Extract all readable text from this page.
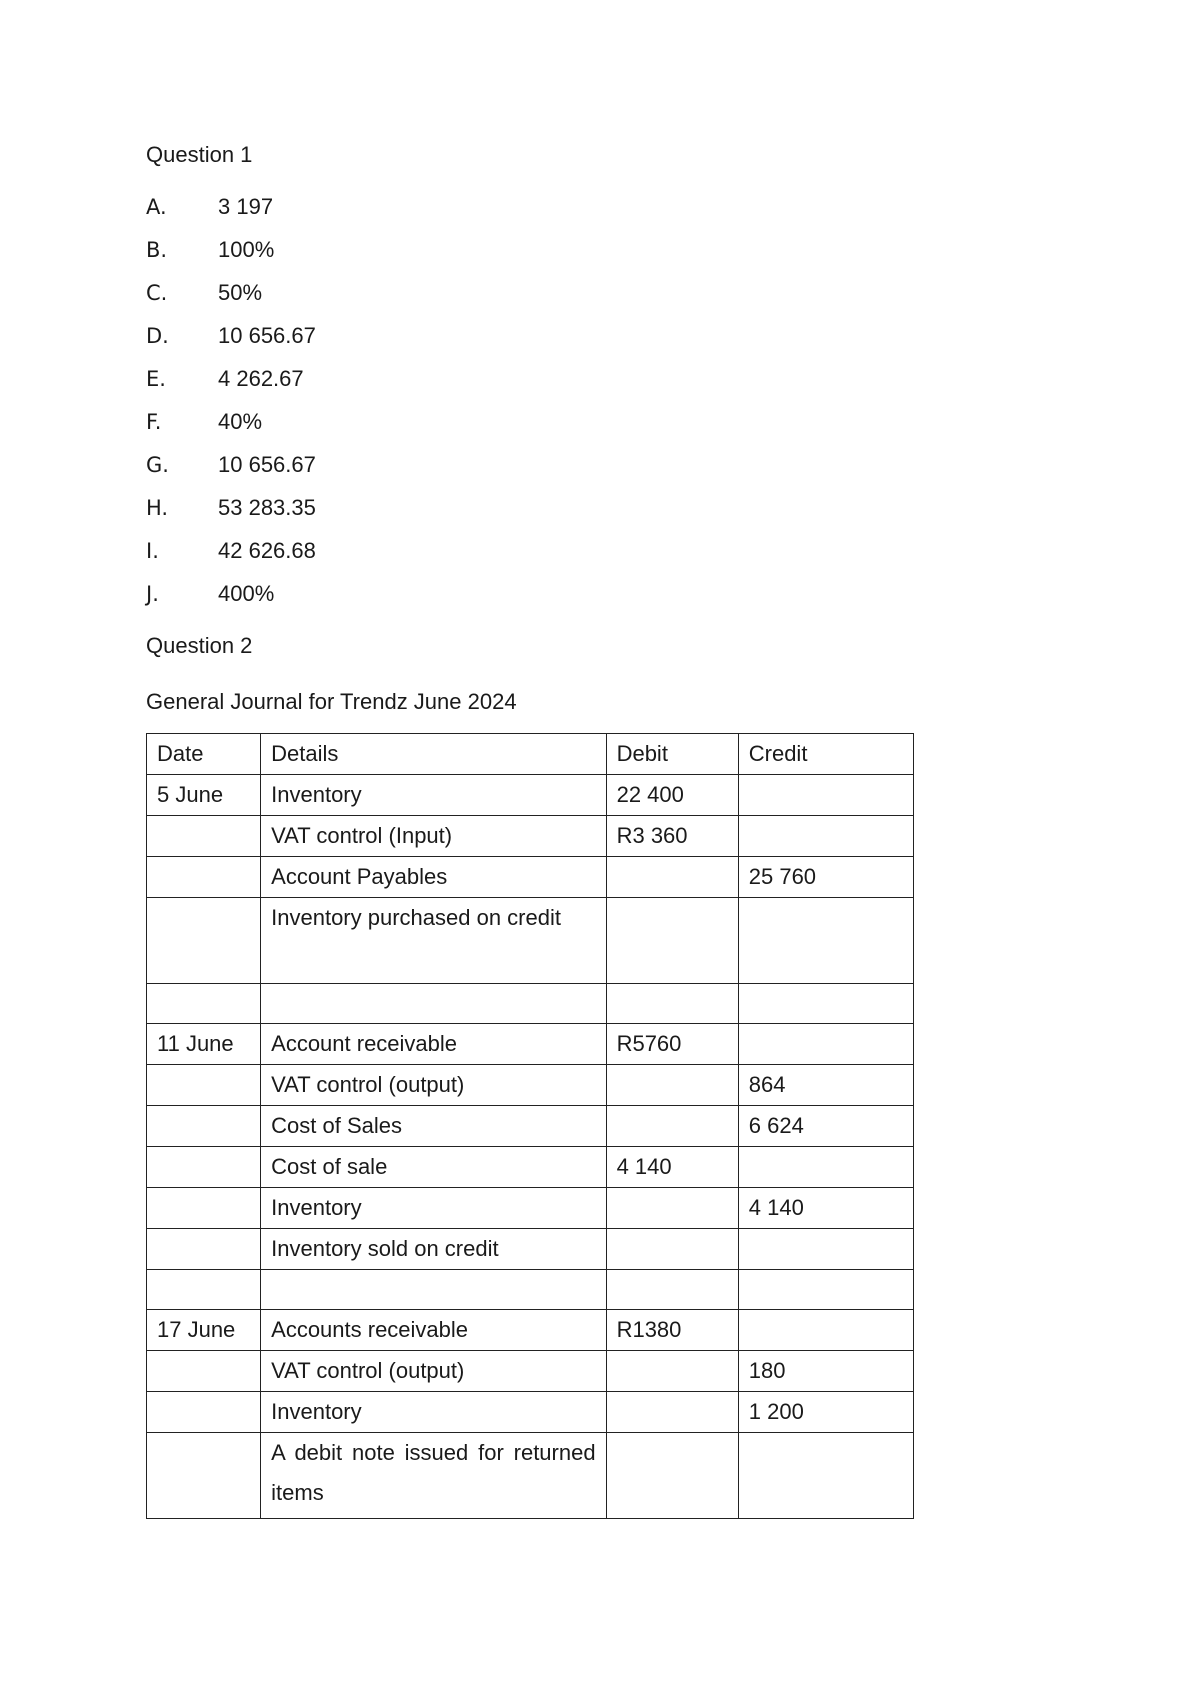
Question 1

A.	3 197
B.	100%
C.	50%
D.	10 656.67
E.	4 262.67
F.	40%
G.	10 656.67
H.	53 283.35
I.	42 626.68
J.	400%

Question 2

General Journal for Trendz June 2024

Date	Details	Debit	Credit
5 June	Inventory	22 400	
	VAT control (Input)	R3 360	
	Account Payables		25 760
	Inventory purchased on credit		

11 June	Account receivable	R5760	
	VAT control (output)		864
	Cost of Sales		6 624
	Cost of sale	4 140	
	Inventory		4 140
	Inventory sold on credit		

17 June	Accounts receivable	R1380	
	VAT control (output)		180
	Inventory		1 200
	A debit note issued for returned items		
